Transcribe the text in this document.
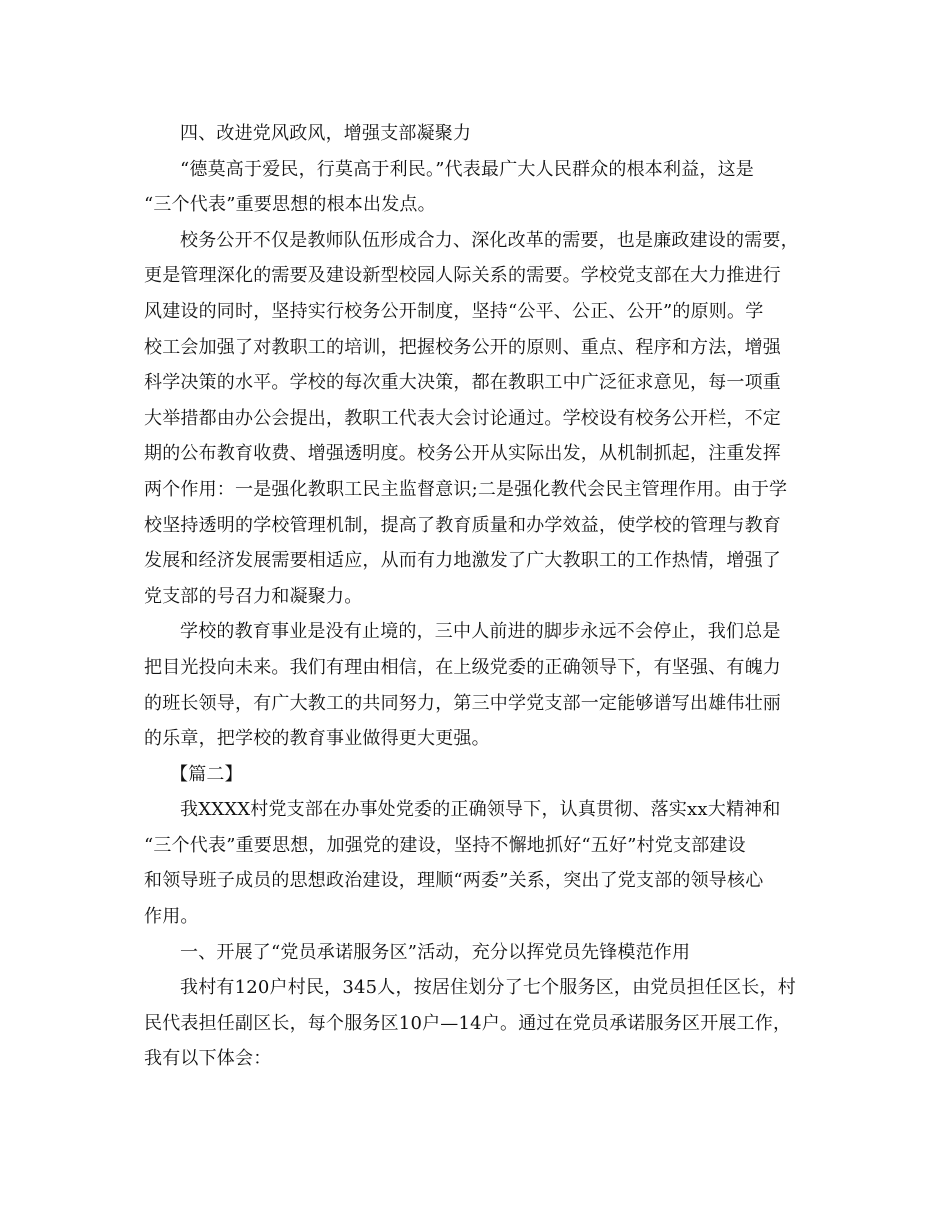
四、改进党风政风，增强支部凝聚力
“德莫高于爱民，行莫高于利民。”代表最广大人民群众的根本利益，这是
“三个代表”重要思想的根本出发点。
校务公开不仅是教师队伍形成合力、深化改革的需要，也是廉政建设的需要，
更是管理深化的需要及建设新型校园人际关系的需要。学校党支部在大力推进行
风建设的同时，坚持实行校务公开制度，坚持“公平、公正、公开”的原则。学
校工会加强了对教职工的培训，把握校务公开的原则、重点、程序和方法，增强
科学决策的水平。学校的每次重大决策，都在教职工中广泛征求意见，每一项重
大举措都由办公会提出，教职工代表大会讨论通过。学校设有校务公开栏，不定
期的公布教育收费、增强透明度。校务公开从实际出发，从机制抓起，注重发挥
两个作用：一是强化教职工民主监督意识;二是强化教代会民主管理作用。由于学
校坚持透明的学校管理机制，提高了教育质量和办学效益，使学校的管理与教育
发展和经济发展需要相适应，从而有力地激发了广大教职工的工作热情，增强了
党支部的号召力和凝聚力。
学校的教育事业是没有止境的，三中人前进的脚步永远不会停止，我们总是
把目光投向未来。我们有理由相信，在上级党委的正确领导下，有坚强、有魄力
的班长领导，有广大教工的共同努力，第三中学党支部一定能够谱写出雄伟壮丽
的乐章，把学校的教育事业做得更大更强。
【篇二】
我XXXX村党支部在办事处党委的正确领导下，认真贯彻、落实xx大精神和
“三个代表”重要思想，加强党的建设，坚持不懈地抓好“五好”村党支部建设
和领导班子成员的思想政治建设，理顺“两委”关系，突出了党支部的领导核心
作用。
一、开展了“党员承诺服务区”活动，充分以挥党员先锋模范作用
我村有120户村民，345人，按居住划分了七个服务区，由党员担任区长，村
民代表担任副区长，每个服务区10户—14户。通过在党员承诺服务区开展工作，
我有以下体会：
